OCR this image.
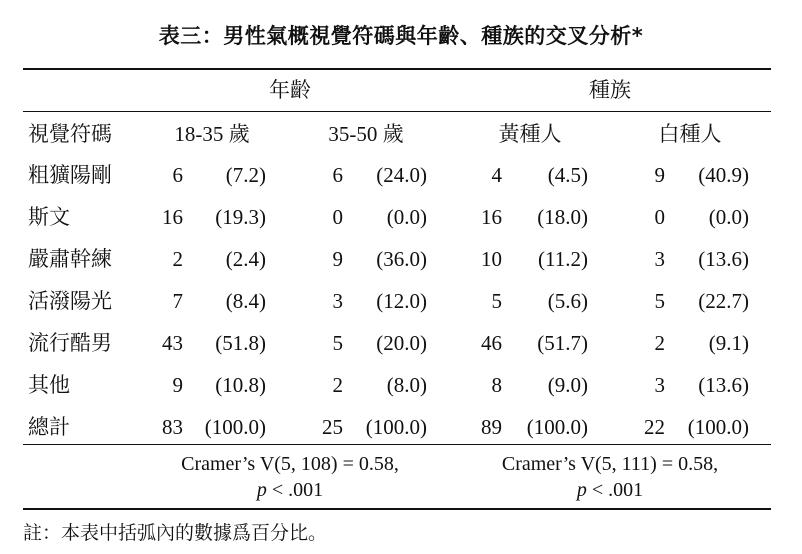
表三：男性氣概視覺符碼與年齡、種族的交叉分析*
年齡	種族
視覺符碼	18-35 歲	35-50 歲	黃種人	白種人
粗獷陽剛	6	(7.2)	6	(24.0)	4	(4.5)	9	(40.9)
斯文	16	(19.3)	0	(0.0)	16	(18.0)	0	(0.0)
嚴肅幹練	2	(2.4)	9	(36.0)	10	(11.2)	3	(13.6)
活潑陽光	7	(8.4)	3	(12.0)	5	(5.6)	5	(22.7)
流行酷男	43	(51.8)	5	(20.0)	46	(51.7)	2	(9.1)
其他	9	(10.8)	2	(8.0)	8	(9.0)	3	(13.6)
總計	83	(100.0)	25	(100.0)	89	(100.0)	22	(100.0)
Cramer’s V(5, 108) = 0.58,
p < .001
Cramer’s V(5, 111) = 0.58,
p < .001
註：本表中括弧內的數據爲百分比。
